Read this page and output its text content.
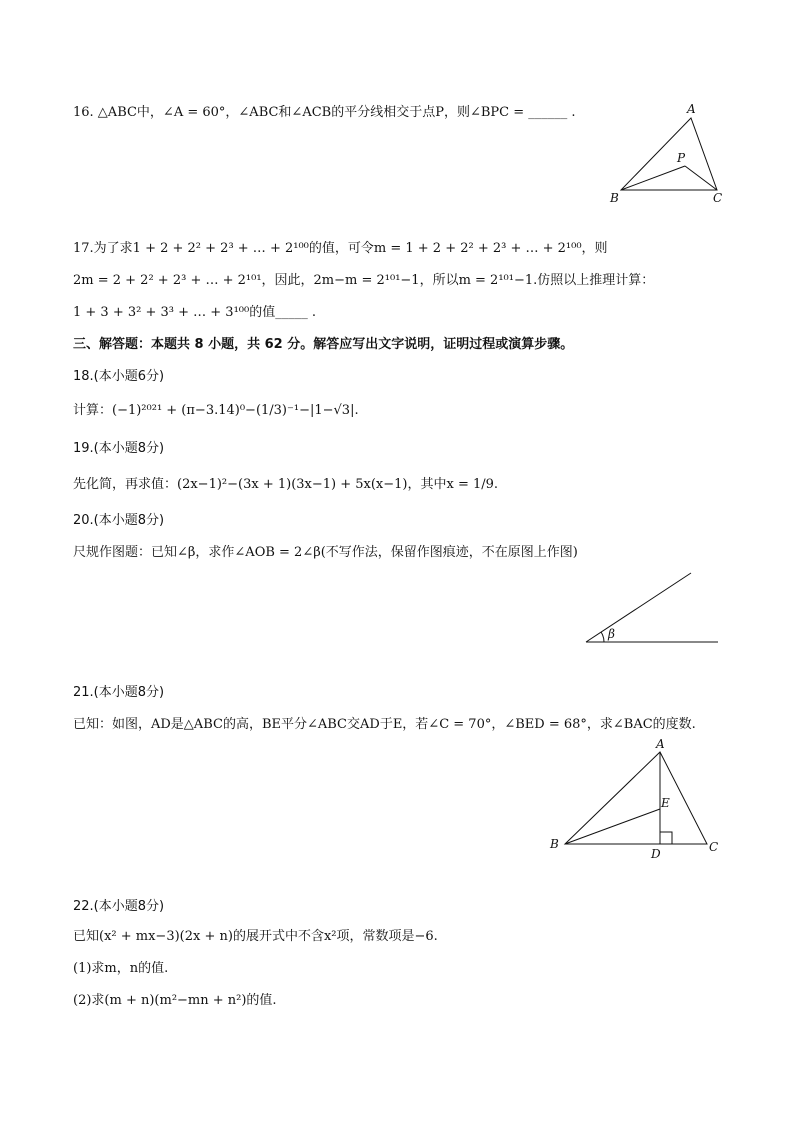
16. △ABC中，∠A = 60°，∠ABC和∠ACB的平分线相交于点P，则∠BPC = ______ .	A
P
B	C
17.为了求1 + 2 + 2² + 2³ + … + 2¹⁰⁰的值，可令m = 1 + 2 + 2² + 2³ + … + 2¹⁰⁰，则
2m = 2 + 2² + 2³ + … + 2¹⁰¹，因此，2m−m = 2¹⁰¹−1，所以m = 2¹⁰¹−1.仿照以上推理计算：
1 + 3 + 3² + 3³ + … + 3¹⁰⁰的值_____ .
三、解答题：本题共 8 小题，共 62 分。解答应写出文字说明，证明过程或演算步骤。
18.(本小题6分)
计算：(−1)²⁰²¹ + (π−3.14)⁰−(1/3)⁻¹−|1−√3|.
19.(本小题8分)
先化简，再求值：(2x−1)²−(3x + 1)(3x−1) + 5x(x−1)，其中x = 1/9.
20.(本小题8分)
尺规作图题：已知∠β，求作∠AOB = 2∠β(不写作法，保留作图痕迹，不在原图上作图)
β
21.(本小题8分)
已知：如图，AD是△ABC的高，BE平分∠ABC交AD于E，若∠C = 70°，∠BED = 68°，求∠BAC的度数.
A
E
B
D	C
22.(本小题8分)
已知(x² + mx−3)(2x + n)的展开式中不含x²项，常数项是−6.
(1)求m，n的值.
(2)求(m + n)(m²−mn + n²)的值.
